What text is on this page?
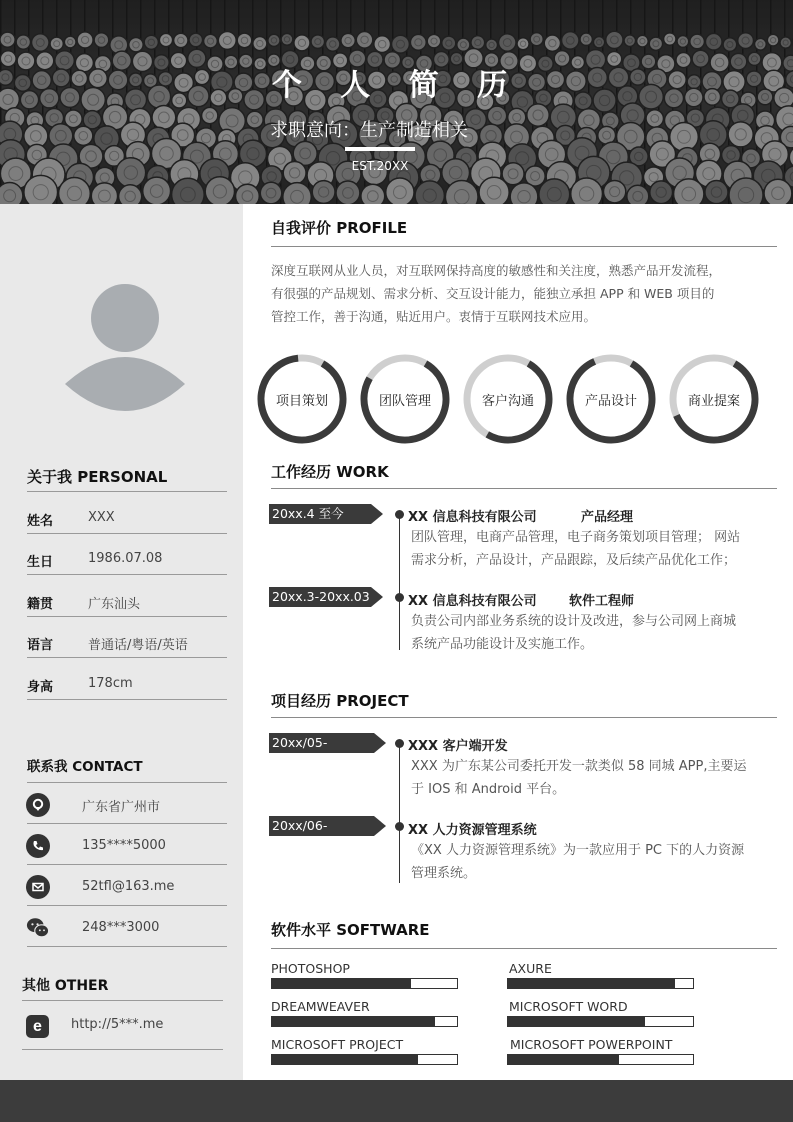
个 人 简 历
求职意向：生产制造相关
EST.20XX
关于我 PERSONAL
姓名	XXX
生日	1986.07.08
籍贯	广东汕头
语言	普通话/粤语/英语
身高	178cm
联系我 CONTACT
广东省广州市
135****5000
52tfl@163.me
248***3000
其他 OTHER
e http://5***.me
自我评价 PROFILE
深度互联网从业人员，对互联网保持高度的敏感性和关注度，熟悉产品开发流程，
有很强的产品规划、需求分析、交互设计能力，能独立承担 APP 和 WEB 项目的
管控工作，善于沟通，贴近用户。衷情于互联网技术应用。
项目策划	团队管理	客户沟通	产品设计	商业提案
工作经历 WORK
20xx.4 至今	XX 信息科技有限公司	产品经理
团队管理，电商产品管理，电子商务策划项目管理； 网站
需求分析，产品设计，产品跟踪，及后续产品优化工作；
20xx.3-20xx.03	XX 信息科技有限公司 软件工程师
负责公司内部业务系统的设计及改进，参与公司网上商城
系统产品功能设计及实施工作。
项目经历 PROJECT
20xx/05-20xx/11
XXX 客户端开发
XXX 为广东某公司委托开发一款类似 58 同城 APP,主要运
于 IOS 和 Android 平台。
20xx/06-20xx/12
XX 人力资源管理系统
《XX 人力资源管理系统》为一款应用于 PC 下的人力资源
管理系统。
软件水平 SOFTWARE
PHOTOSHOP	AXURE
DREAMWEAVER	MICROSOFT WORD
MICROSOFT PROJECT	MICROSOFT POWERPOINT
